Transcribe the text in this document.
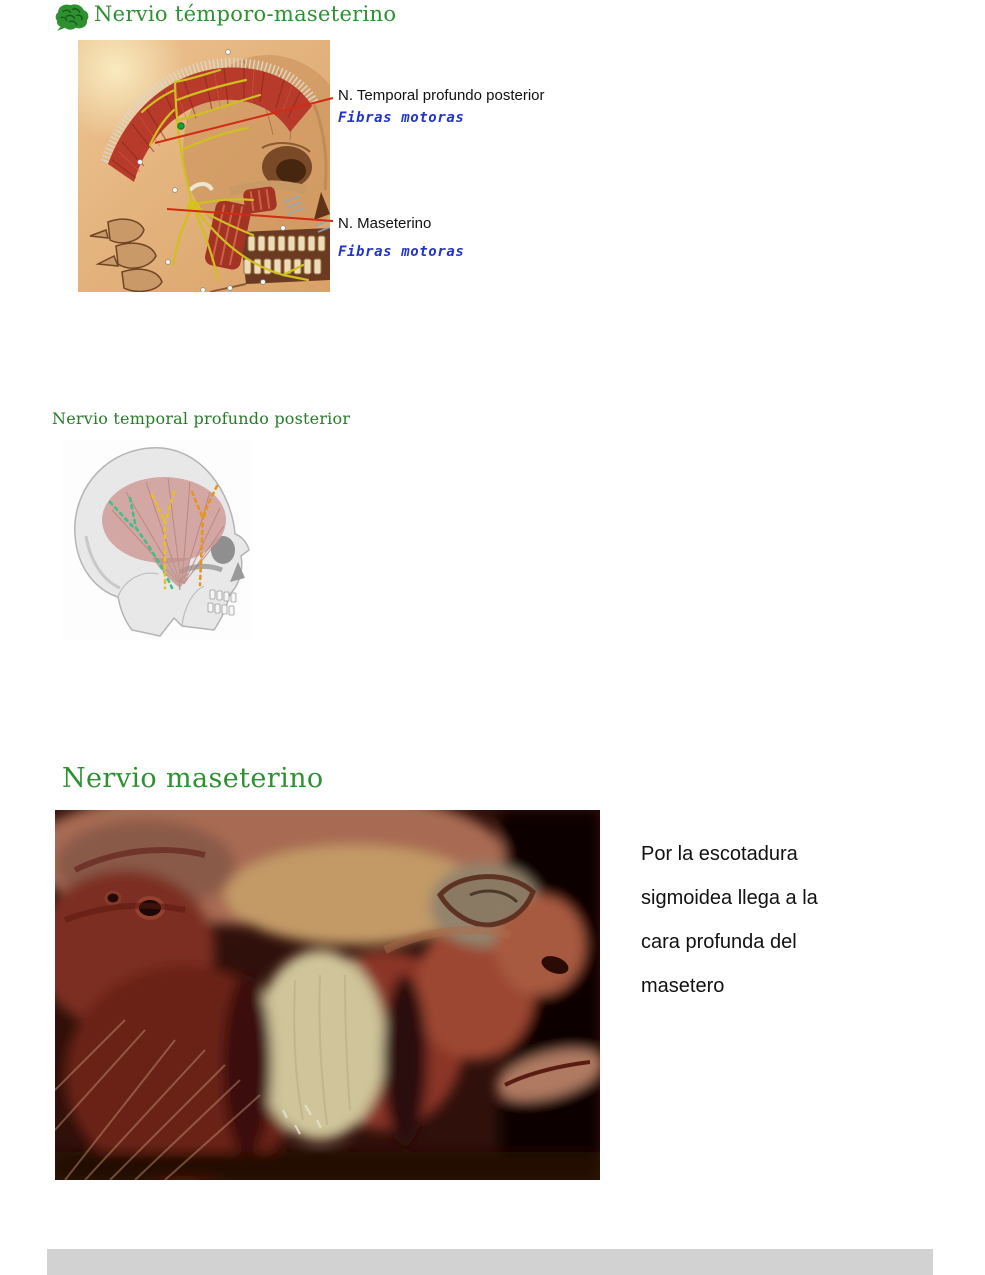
Nervio témporo-maseterino
N. Temporal profundo posterior
Fibras motoras
N. Maseterino
Fibras motoras
Nervio temporal profundo posterior
Nervio maseterino
Por la escotadura
sigmoidea llega a la
cara profunda del
masetero
